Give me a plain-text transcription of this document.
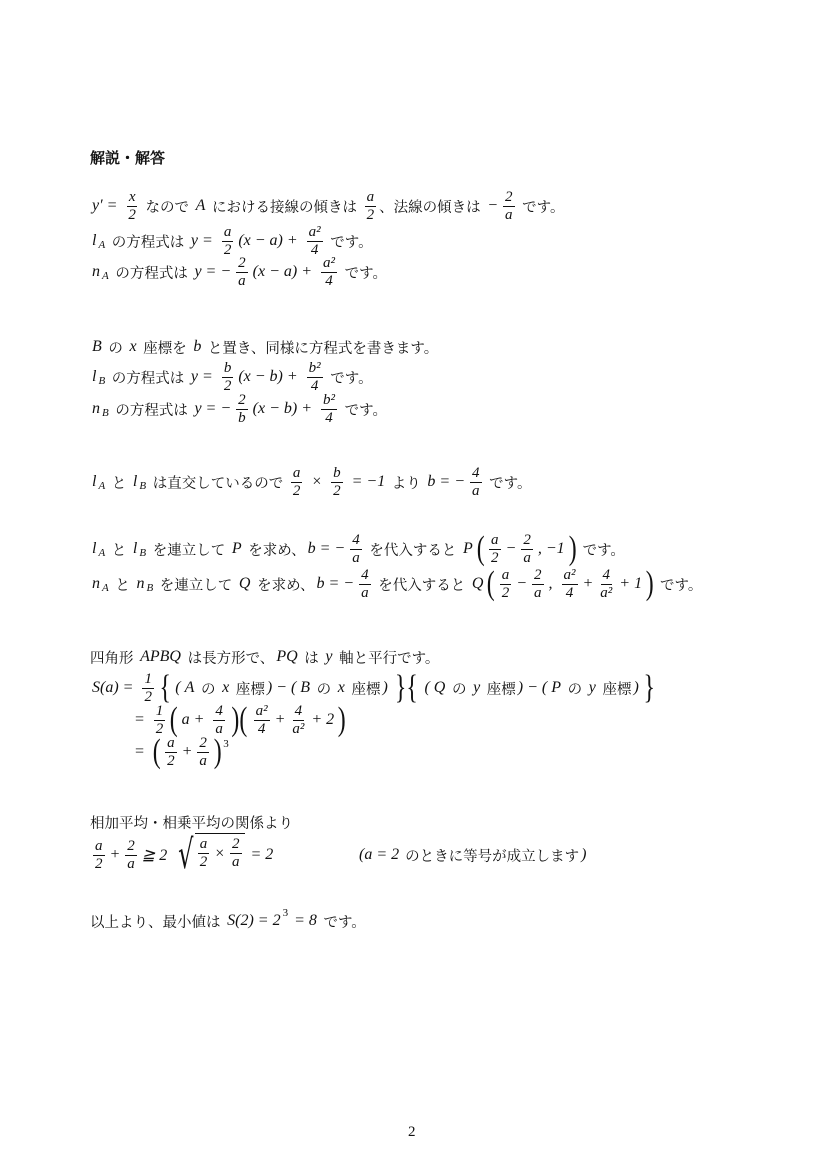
解説・解答
$y' = \frac{x}{2}$ なので A における接線の傾きは $\frac{a}{2}$ 、法線の傾きは − $\frac{2}{a}$ です。
l A の方程式は $y = \frac{a}{2} (x - a) + \frac{\text{a²}}{4}$ です。
n A の方程式は y = − $\frac{2}{a} (x - a) + \frac{\text{a²}}{4}$ です。
B の x 座標を b と置き、同様に方程式を書きます。
l B の方程式は $y = \frac{b}{2} (x - b) + \frac{\text{b²}}{4}$ です。
n B の方程式は y = − $\frac{2}{b} (x - b) + \frac{\text{b²}}{4}$ です。
l A と l B は直交しているので $\frac{a}{2} \times \frac{b}{2} = -1$ より b = − $\frac{4}{a}$ です。
l A と l B を連立して P を求め、 b = − $\frac{4}{a}$ を代入すると P ( $\frac{a}{2} - \frac{2}{a}$ , −1 ) です。
n A と n B を連立して Q を求め、 b = − $\frac{4}{a}$ を代入すると Q ( $\frac{a}{2} - \frac{2}{a}$ , $\frac{\text{a²}}{4} + \frac{4}{\text{a²}} + 1$ ) です。
四角形 APBQ は長方形で、 PQ は y 軸と平行です。
$S(a) = \frac{1}{2}$ { ( A の x 座標 ) − ( B の x 座標 ) }{ ( Q の y 座標 ) − ( P の y 座標 ) }
= $\frac{1}{2}$ ( $a + \frac{4}{a}$ )( $\frac{\text{a²}}{4} + \frac{4}{\text{a²}} + 2$ )
= ( $\frac{a}{2} + \frac{2}{a}$ ) 3
相加平均・相乗平均の関係より
$\frac{a}{2} + \frac{2}{a}$ ≧ 2 √ $\frac{a}{2} \times \frac{2}{a} = 2$	(a = 2 のときに等号が成立します )
以上より、最小値は S(2) = 2 3 = 8 です。
2
